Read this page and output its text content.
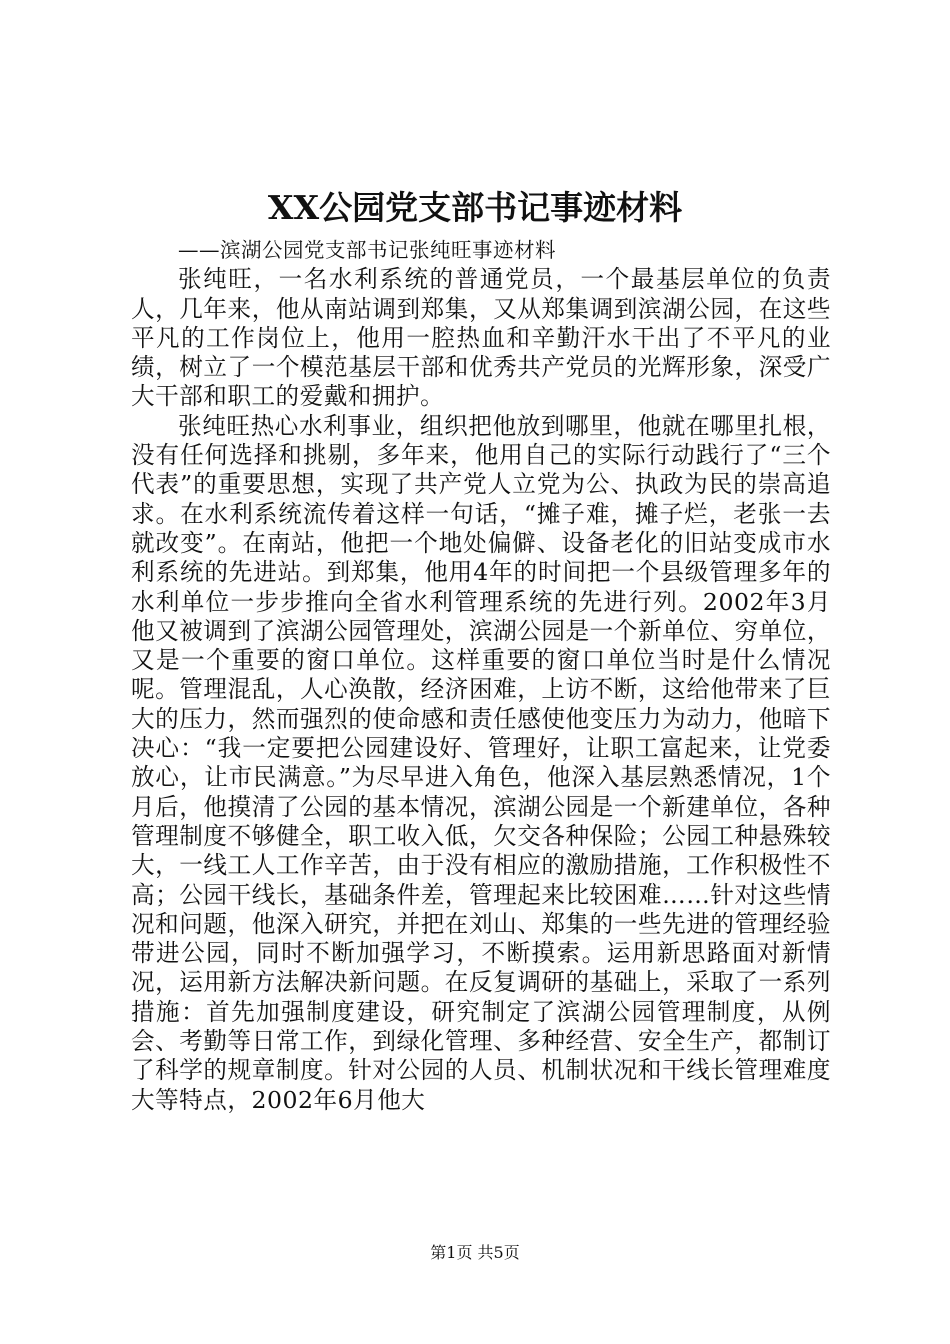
XX公园党支部书记事迹材料

——滨湖公园党支部书记张纯旺事迹材料

张纯旺，一名水利系统的普通党员，一个最基层单位的负责人，几年来，他从南站调到郑集，又从郑集调到滨湖公园，在这些平凡的工作岗位上，他用一腔热血和辛勤汗水干出了不平凡的业绩，树立了一个模范基层干部和优秀共产党员的光辉形象，深受广大干部和职工的爱戴和拥护。

张纯旺热心水利事业，组织把他放到哪里，他就在哪里扎根，没有任何选择和挑剔，多年来，他用自己的实际行动践行了“三个代表”的重要思想，实现了共产党人立党为公、执政为民的崇高追求。在水利系统流传着这样一句话，“摊子难，摊子烂，老张一去就改变”。在南站，他把一个地处偏僻、设备老化的旧站变成市水利系统的先进站。到郑集，他用4年的时间把一个县级管理多年的水利单位一步步推向全省水利管理系统的先进行列。2002年3月他又被调到了滨湖公园管理处，滨湖公园是一个新单位、穷单位，又是一个重要的窗口单位。这样重要的窗口单位当时是什么情况呢。管理混乱，人心涣散，经济困难，上访不断，这给他带来了巨大的压力，然而强烈的使命感和责任感使他变压力为动力，他暗下决心：“我一定要把公园建设好、管理好，让职工富起来，让党委放心，让市民满意。”为尽早进入角色，他深入基层熟悉情况，1个月后，他摸清了公园的基本情况，滨湖公园是一个新建单位，各种管理制度不够健全，职工收入低，欠交各种保险；公园工种悬殊较大，一线工人工作辛苦，由于没有相应的激励措施，工作积极性不高；公园干线长，基础条件差，管理起来比较困难……针对这些情况和问题，他深入研究，并把在刘山、郑集的一些先进的管理经验带进公园，同时不断加强学习，不断摸索。运用新思路面对新情况，运用新方法解决新问题。在反复调研的基础上，采取了一系列措施：首先加强制度建设，研究制定了滨湖公园管理制度，从例会、考勤等日常工作，到绿化管理、多种经营、安全生产，都制订了科学的规章制度。针对公园的人员、机制状况和干线长管理难度大等特点，2002年6月他大

第1页 共5页
